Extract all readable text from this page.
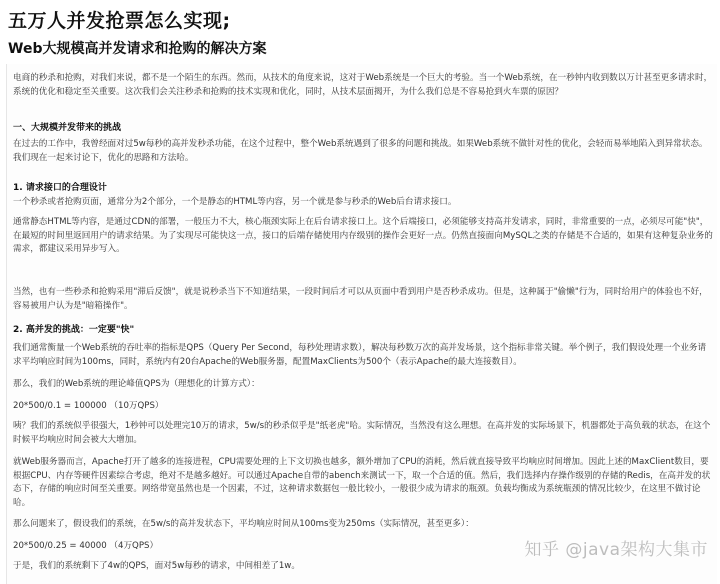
五万人并发抢票怎么实现;
Web大规模高并发请求和抢购的解决方案
电商的秒杀和抢购，对我们来说，都不是一个陌生的东西。然而，从技术的角度来说，这对于Web系统是一个巨大的考验。当一个Web系统，在一秒钟内收到数以万计甚至更多请求时，系统的优化和稳定至关重要。这次我们会关注秒杀和抢购的技术实现和优化，同时，从技术层面揭开，为什么我们总是不容易抢到火车票的原因？
一、大规模并发带来的挑战
在过去的工作中，我曾经面对过5w每秒的高并发秒杀功能，在这个过程中，整个Web系统遇到了很多的问题和挑战。如果Web系统不做针对性的优化，会轻而易举地陷入到异常状态。我们现在一起来讨论下，优化的思路和方法哈。
1. 请求接口的合理设计
一个秒杀或者抢购页面，通常分为2个部分，一个是静态的HTML等内容，另一个就是参与秒杀的Web后台请求接口。
通常静态HTML等内容，是通过CDN的部署，一般压力不大，核心瓶颈实际上在后台请求接口上。这个后端接口，必须能够支持高并发请求，同时，非常重要的一点，必须尽可能"快"，在最短的时间里返回用户的请求结果。为了实现尽可能快这一点，接口的后端存储使用内存级别的操作会更好一点。仍然直接面向MySQL之类的存储是不合适的，如果有这种复杂业务的需求，都建议采用异步写入。
当然，也有一些秒杀和抢购采用"滞后反馈"，就是说秒杀当下不知道结果，一段时间后才可以从页面中看到用户是否秒杀成功。但是，这种属于"偷懒"行为，同时给用户的体验也不好，容易被用户认为是"暗箱操作"。
2. 高并发的挑战：一定要"快"
我们通常衡量一个Web系统的吞吐率的指标是QPS（Query Per Second，每秒处理请求数），解决每秒数万次的高并发场景，这个指标非常关键。举个例子，我们假设处理一个业务请求平均响应时间为100ms，同时，系统内有20台Apache的Web服务器，配置MaxClients为500个（表示Apache的最大连接数目）。
那么，我们的Web系统的理论峰值QPS为（理想化的计算方式）：
20*500/0.1 = 100000 （10万QPS）
咦？我们的系统似乎很强大，1秒钟可以处理完10万的请求，5w/s的秒杀似乎是"纸老虎"哈。实际情况，当然没有这么理想。在高并发的实际场景下，机器都处于高负载的状态，在这个时候平均响应时间会被大大增加。
就Web服务器而言，Apache打开了越多的连接进程，CPU需要处理的上下文切换也越多，额外增加了CPU的消耗，然后就直接导致平均响应时间增加。因此上述的MaxClient数目，要根据CPU、内存等硬件因素综合考虑，绝对不是越多越好。可以通过Apache自带的abench来测试一下，取一个合适的值。然后，我们选择内存操作级别的存储的Redis，在高并发的状态下，存储的响应时间至关重要。网络带宽虽然也是一个因素，不过，这种请求数据包一般比较小，一般很少成为请求的瓶颈。负载均衡成为系统瓶颈的情况比较少，在这里不做讨论哈。
那么问题来了，假设我们的系统，在5w/s的高并发状态下，平均响应时间从100ms变为250ms（实际情况，甚至更多）：
20*500/0.25 = 40000 （4万QPS）
于是，我们的系统剩下了4w的QPS，面对5w每秒的请求，中间相差了1w。
知乎 @java架构大集市
